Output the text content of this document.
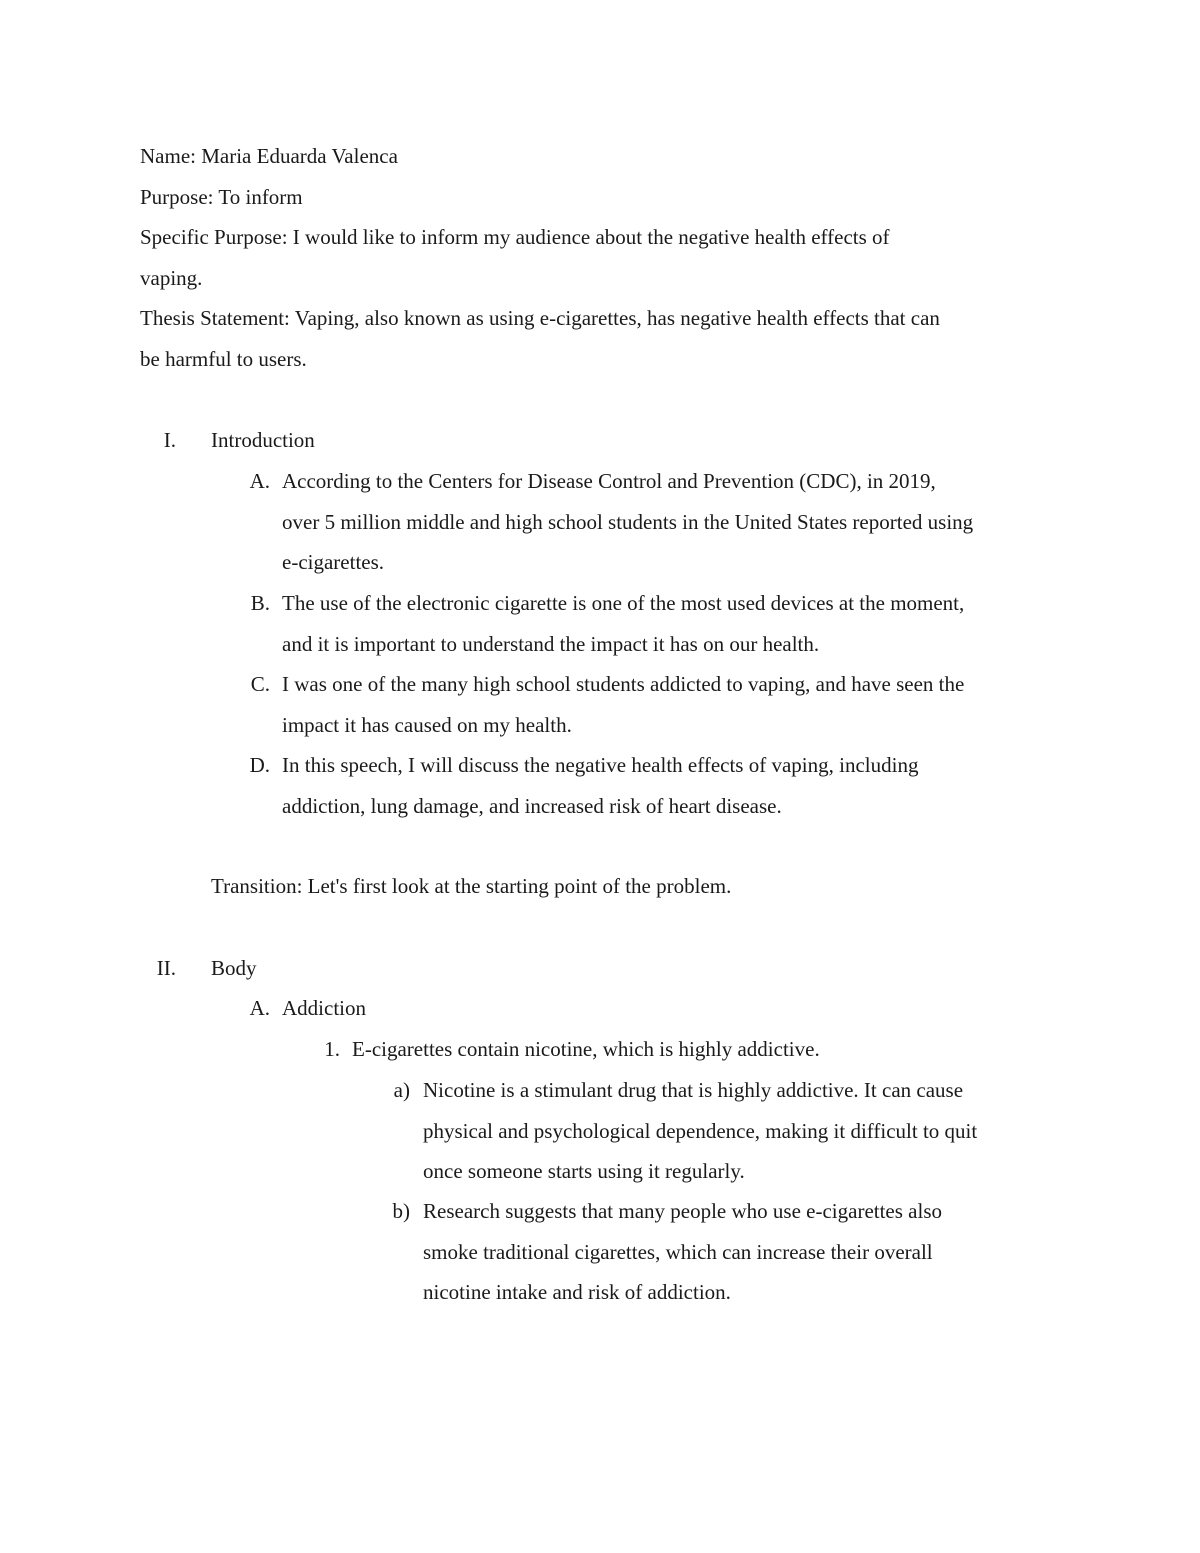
Name: Maria Eduarda Valenca
Purpose: To inform
Specific Purpose: I would like to inform my audience about the negative health effects of
vaping.
Thesis Statement: Vaping, also known as using e-cigarettes, has negative health effects that can
be harmful to users.
I. Introduction
A. According to the Centers for Disease Control and Prevention (CDC), in 2019,
over 5 million middle and high school students in the United States reported using
e-cigarettes.
B. The use of the electronic cigarette is one of the most used devices at the moment,
and it is important to understand the impact it has on our health.
C. I was one of the many high school students addicted to vaping, and have seen the
impact it has caused on my health.
D. In this speech, I will discuss the negative health effects of vaping, including
addiction, lung damage, and increased risk of heart disease.
Transition: Let's first look at the starting point of the problem.
II. Body
A. Addiction
1. E-cigarettes contain nicotine, which is highly addictive.
a) Nicotine is a stimulant drug that is highly addictive. It can cause
physical and psychological dependence, making it difficult to quit
once someone starts using it regularly.
b) Research suggests that many people who use e-cigarettes also
smoke traditional cigarettes, which can increase their overall
nicotine intake and risk of addiction.
